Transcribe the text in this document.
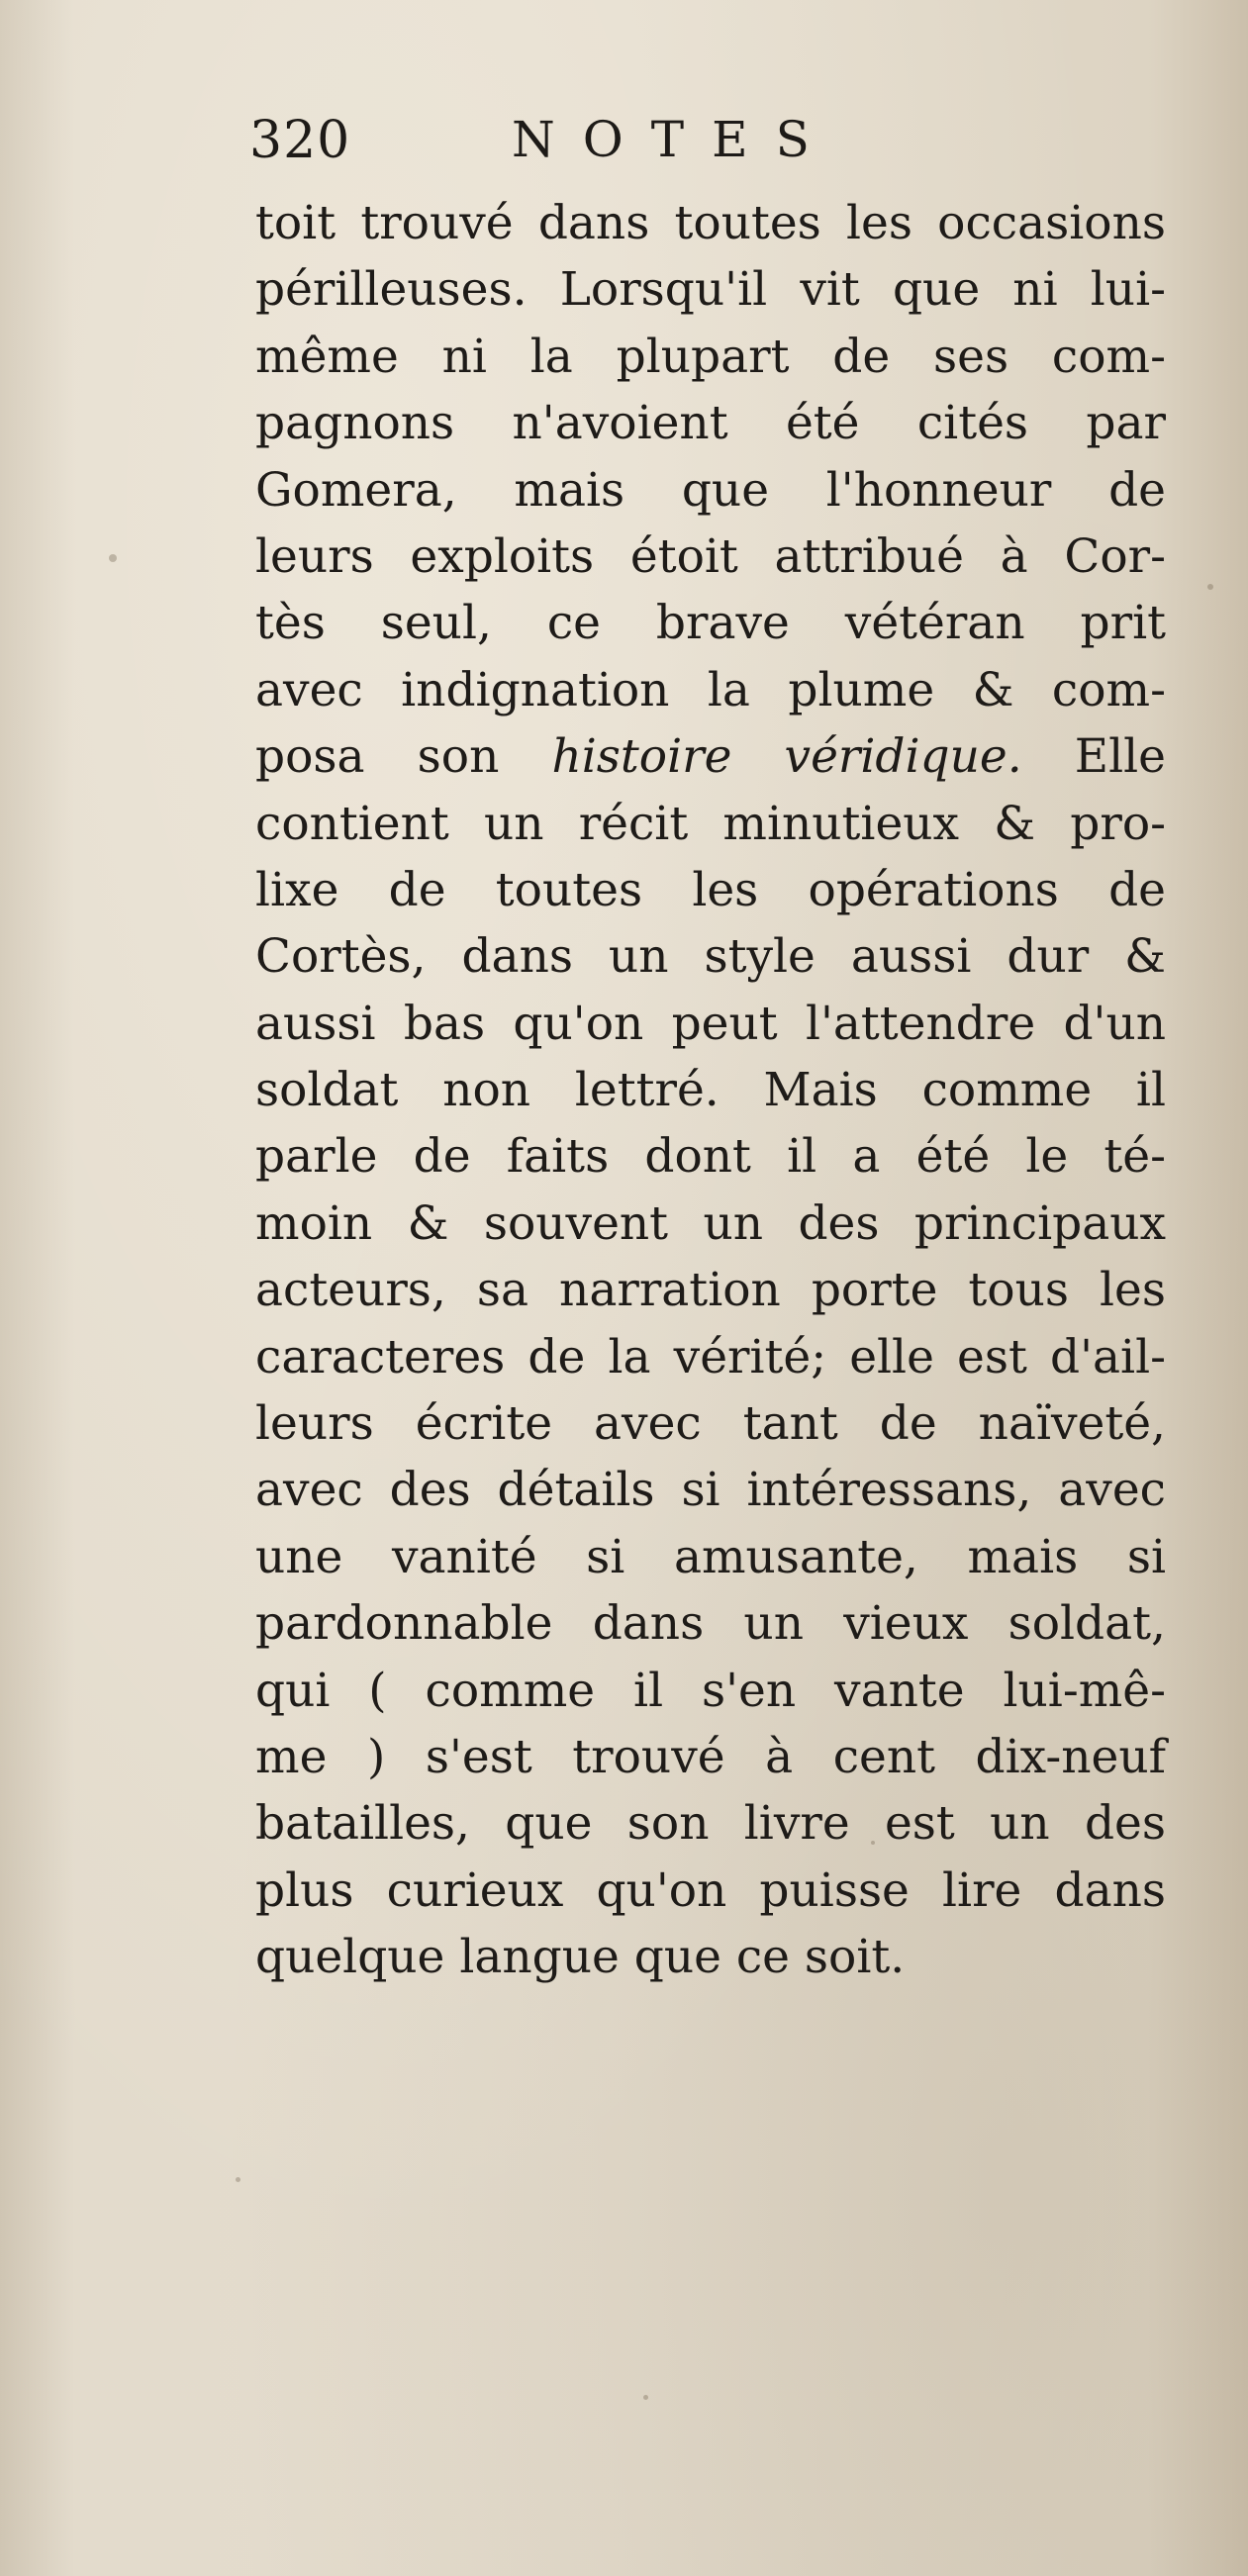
320	NOTES
toit trouvé dans toutes les occasions
périlleuses. Lorsqu'il vit que ni lui-
même ni la plupart de ses com-
pagnons n'avoient été cités par
Gomera, mais que l'honneur de
leurs exploits étoit attribué à Cor-
tès seul, ce brave vétéran prit
avec indignation la plume & com-
posa son histoire véridique. Elle
contient un récit minutieux & pro-
lixe de toutes les opérations de
Cortès, dans un style aussi dur &
aussi bas qu'on peut l'attendre d'un
soldat non lettré. Mais comme il
parle de faits dont il a été le té-
moin & souvent un des principaux
acteurs, sa narration porte tous les
caracteres de la vérité; elle est d'ail-
leurs écrite avec tant de naïveté,
avec des détails si intéressans, avec
une vanité si amusante, mais si
pardonnable dans un vieux soldat,
qui ( comme il s'en vante lui-mê-
me ) s'est trouvé à cent dix-neuf
batailles, que son livre est un des
plus curieux qu'on puisse lire dans
quelque langue que ce soit.
